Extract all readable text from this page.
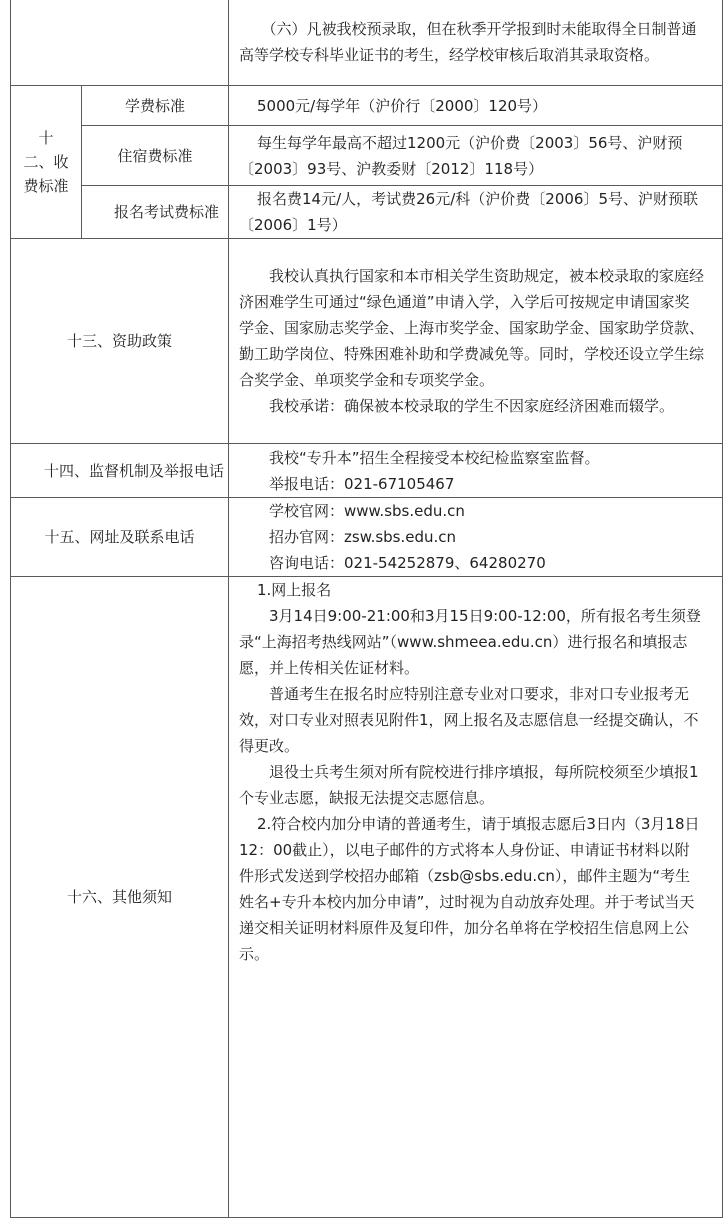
		（六）凡被我校预录取，但在秋季开学报到时未能取得全日制普通高等学校专科毕业证书的考生，经学校审核后取消其录取资格。

十
二、收
费标准	学费标准	5000元/每学年（沪价行〔2000〕120号）

	住宿费标准	每生每学年最高不超过1200元（沪价费〔2003〕56号、沪财预〔2003〕93号、沪教委财〔2012〕118号）

	报名考试费标准	报名费14元/人，考试费26元/科（沪价费〔2006〕5号、沪财预联〔2006〕1号）

十三、资助政策		我校认真执行国家和本市相关学生资助规定，被本校录取的家庭经济困难学生可通过“绿色通道”申请入学，入学后可按规定申请国家奖学金、国家励志奖学金、上海市奖学金、国家助学金、国家助学贷款、勤工助学岗位、特殊困难补助和学费减免等。同时，学校还设立学生综合奖学金、单项奖学金和专项奖学金。

我校承诺：确保被本校录取的学生不因家庭经济困难而辍学。

十四、监督机制及举报电话		我校“专升本”招生全程接受本校纪检监察室监督。

举报电话：021-67105467

十五、网址及联系电话		学校官网：www.sbs.edu.cn

招办官网：zsw.sbs.edu.cn

咨询电话：021-54252879、64280270

十六、其他须知		1.网上报名

3月14日9:00-21:00和3月15日9:00-12:00，所有报名考生须登录“上海招考热线网站”（www.shmeea.edu.cn）进行报名和填报志愿，并上传相关佐证材料。

普通考生在报名时应特别注意专业对口要求，非对口专业报考无效，对口专业对照表见附件1，网上报名及志愿信息一经提交确认，不得更改。

退役士兵考生须对所有院校进行排序填报，每所院校须至少填报1个专业志愿，缺报无法提交志愿信息。

2.符合校内加分申请的普通考生，请于填报志愿后3日内（3月18日12：00截止），以电子邮件的方式将本人身份证、申请证书材料以附件形式发送到学校招办邮箱（zsb@sbs.edu.cn），邮件主题为“考生姓名+专升本校内加分申请”，过时视为自动放弃处理。并于考试当天递交相关证明材料原件及复印件，加分名单将在学校招生信息网上公示。
